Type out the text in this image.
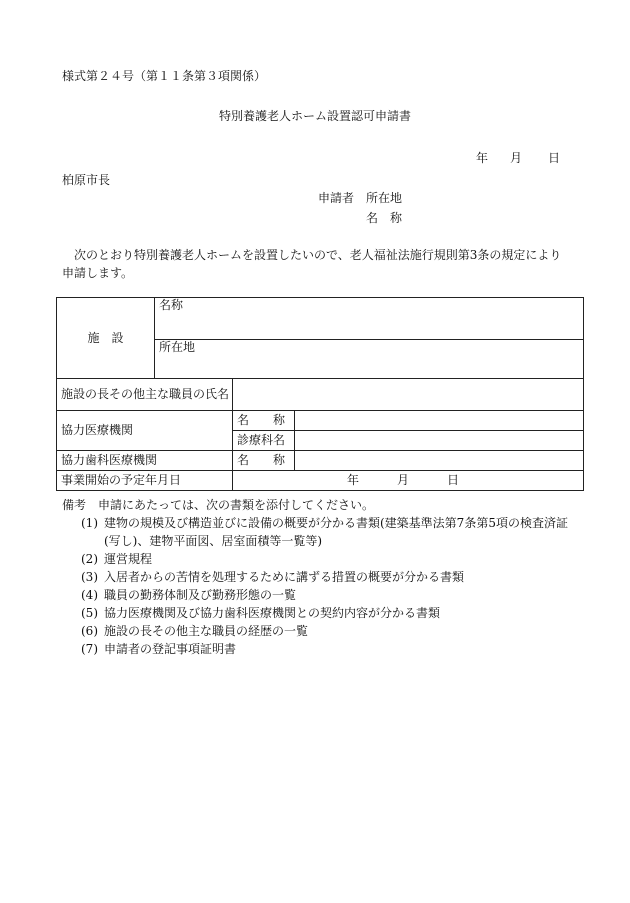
様式第２４号（第１１条第３項関係）
特別養護老人ホーム設置認可申請書
年 月 日
柏原市長
申請者 所在地
名　称
次のとおり特別養護老人ホームを設置したいので、老人福祉法施行規則第3条の規定により
申請します。
施　設	名称		
	所在地		
施設の長その他主な職員の氏名			
協力医療機関		名　　称	
		診療科名	
協力歯科医療機関		名　　称	
事業開始の予定年月日		年 月 日	
備考　申請にあたっては、次の書類を添付してください。
(1) 建物の規模及び構造並びに設備の概要が分かる書類(建築基準法第7条第5項の検査済証
(写し)、建物平面図、居室面積等一覧等)
(2) 運営規程
(3) 入居者からの苦情を処理するために講ずる措置の概要が分かる書類
(4) 職員の勤務体制及び勤務形態の一覧
(5) 協力医療機関及び協力歯科医療機関との契約内容が分かる書類
(6) 施設の長その他主な職員の経歴の一覧
(7) 申請者の登記事項証明書
